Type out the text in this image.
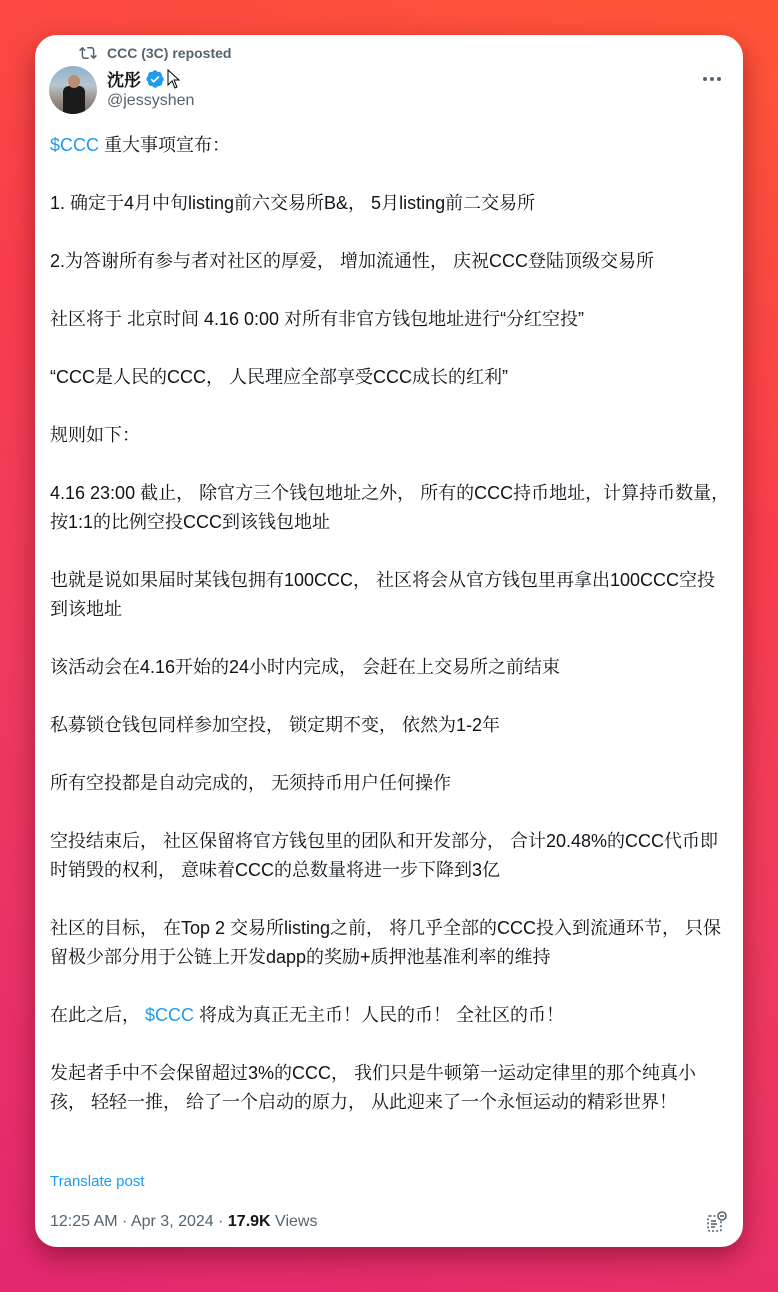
CCC (3C) reposted
沈彤
@jessyshen

$CCC 重大事项宣布：

1. 确定于4月中旬listing前六交易所B&， 5月listing前二交易所

2.为答谢所有参与者对社区的厚爱， 增加流通性， 庆祝CCC登陆顶级交易所

社区将于 北京时间 4.16 0:00 对所有非官方钱包地址进行“分红空投”

“CCC是人民的CCC， 人民理应全部享受CCC成长的红利”

规则如下：

4.16 23:00 截止， 除官方三个钱包地址之外， 所有的CCC持币地址，计算持币数量， 按1:1的比例空投CCC到该钱包地址

也就是说如果届时某钱包拥有100CCC， 社区将会从官方钱包里再拿出100CCC空投到该地址

该活动会在4.16开始的24小时内完成， 会赶在上交易所之前结束

私募锁仓钱包同样参加空投， 锁定期不变， 依然为1-2年

所有空投都是自动完成的， 无须持币用户任何操作

空投结束后， 社区保留将官方钱包里的团队和开发部分， 合计20.48%的CCC代币即时销毁的权利， 意味着CCC的总数量将进一步下降到3亿

社区的目标， 在Top 2 交易所listing之前， 将几乎全部的CCC投入到流通环节， 只保留极少部分用于公链上开发dapp的奖励+质押池基准利率的维持

在此之后， $CCC 将成为真正无主币！人民的币！ 全社区的币！

发起者手中不会保留超过3%的CCC， 我们只是牛顿第一运动定律里的那个纯真小孩， 轻轻一推， 给了一个启动的原力， 从此迎来了一个永恒运动的精彩世界！

Translate post
12:25 AM · Apr 3, 2024 · 17.9K Views
